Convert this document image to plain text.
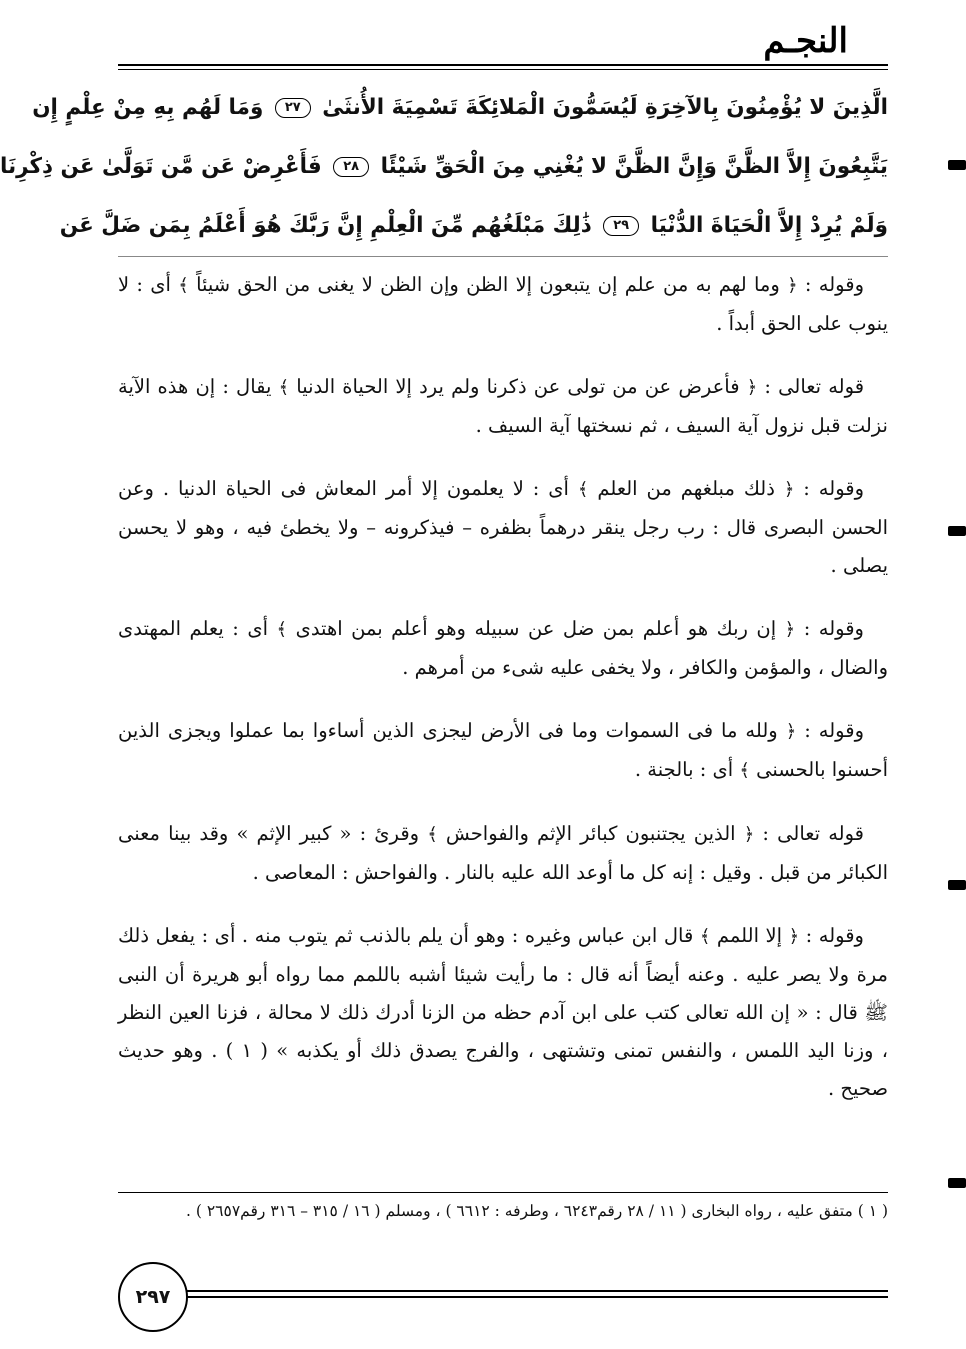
النجـم
الَّذِينَ لا يُؤْمِنُونَ بِالآخِرَةِ لَيُسَمُّونَ الْمَلائِكَةَ تَسْمِيَةَ الأُنثَىٰ ٢٧ وَمَا لَهُم بِهِ مِنْ عِلْمٍ إِن
يَتَّبِعُونَ إِلاَّ الظَّنَّ وَإِنَّ الظَّنَّ لا يُغْنِي مِنَ الْحَقِّ شَيْئًا ٢٨ فَأَعْرِضْ عَن مَّن تَوَلَّىٰ عَن ذِكْرِنَا
وَلَمْ يُرِدْ إِلاَّ الْحَيَاةَ الدُّنْيَا ٢٩ ذَٰلِكَ مَبْلَغُهُم مِّنَ الْعِلْمِ إِنَّ رَبَّكَ هُوَ أَعْلَمُ بِمَن ضَلَّ عَن

وقوله : ﴿ وما لهم به من علم إن يتبعون إلا الظن وإن الظن لا يغنى من الحق شيئاً ﴾ أى : لا ينوب على الحق أبداً .

قوله تعالى : ﴿ فأعرض عن من تولى عن ذكرنا ولم يرد إلا الحياة الدنيا ﴾ يقال : إن هذه الآية نزلت قبل نزول آية السيف ، ثم نسختها آية السيف .

وقوله : ﴿ ذلك مبلغهم من العلم ﴾ أى : لا يعلمون إلا أمر المعاش فى الحياة الدنيا . وعن الحسن البصرى قال : رب رجل ينقر درهماً بظفره – فيذكرونه – ولا يخطئ فيه ، وهو لا يحسن يصلى .

وقوله : ﴿ إن ربك هو أعلم بمن ضل عن سبيله وهو أعلم بمن اهتدى ﴾ أى : يعلم المهتدى والضال ، والمؤمن والكافر ، ولا يخفى عليه شىء من أمرهم .

وقوله : ﴿ ولله ما فى السموات وما فى الأرض ليجزى الذين أساءوا بما عملوا ويجزى الذين أحسنوا بالحسنى ﴾ أى : بالجنة .

قوله تعالى : ﴿ الذين يجتنبون كبائر الإثم والفواحش ﴾ وقرئ : « كبير الإثم » وقد بينا معنى الكبائر من قبل . وقيل : إنه كل ما أوعد الله عليه بالنار . والفواحش : المعاصى .

وقوله : ﴿ إلا اللمم ﴾ قال ابن عباس وغيره : وهو أن يلم بالذنب ثم يتوب منه . أى : يفعل ذلك مرة ولا يصر عليه . وعنه أيضاً أنه قال : ما رأيت شيئا أشبه باللمم مما رواه أبو هريرة أن النبى ﷺ قال : « إن الله تعالى كتب على ابن آدم حظه من الزنا أدرك ذلك لا محالة ، فزنا العين النظر ، وزنا اليد اللمس ، والنفس تمنى وتشتهى ، والفرج يصدق ذلك أو يكذبه » ( ١ ) . وهو حديث صحيح .

( ١ ) متفق عليه ، رواه البخارى ( ١١ / ٢٨ رقم٦٢٤٣ ، وطرفه : ٦٦١٢ ) ، ومسلم ( ١٦ / ٣١٥ – ٣١٦ رقم٢٦٥٧ ) .
٢٩٧
